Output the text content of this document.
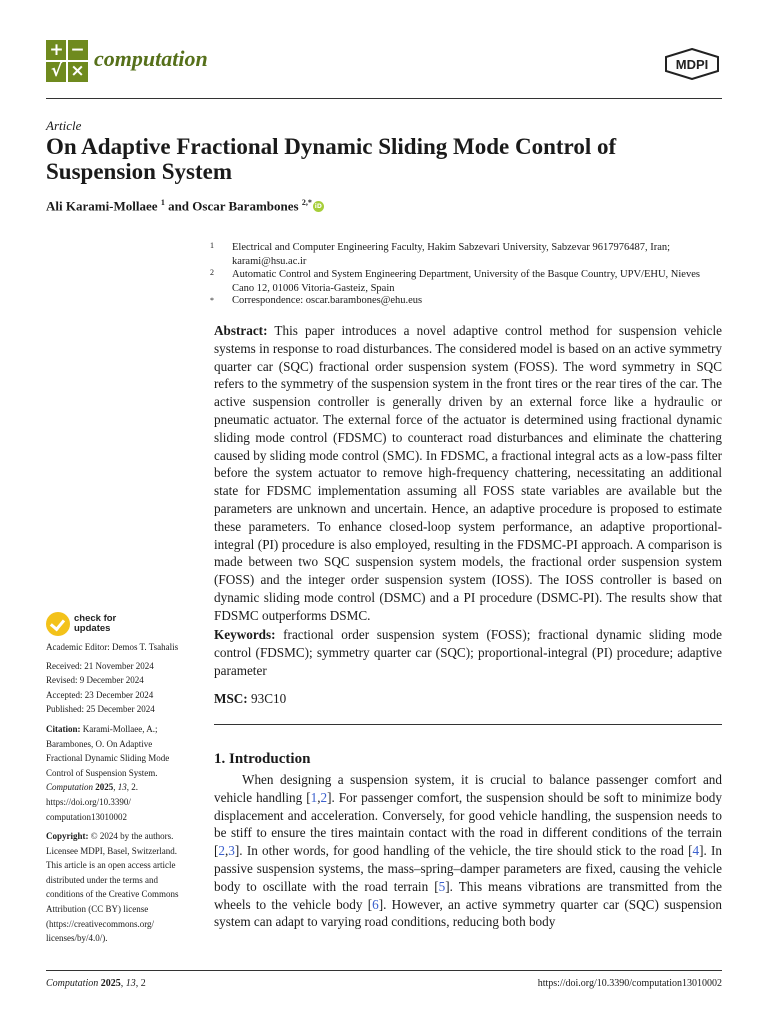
+ −
√ × computation	MDPI
Article
On Adaptive Fractional Dynamic Sliding Mode Control of Suspension System
Ali Karami-Mollaee $^1$ and Oscar Barambones $^{2,*}$iD
1 Electrical and Computer Engineering Faculty, Hakim Sabzevari University, Sabzevar 9617976487, Iran; karami@hsu.ac.ir
2 Automatic Control and System Engineering Department, University of the Basque Country, UPV/EHU, Nieves Cano 12, 01006 Vitoria-Gasteiz, Spain
* Correspondence: oscar.barambones@ehu.eus
Abstract: This paper introduces a novel adaptive control method for suspension vehicle systems in response to road disturbances. The considered model is based on an active symmetry quarter car (SQC) fractional order suspension system (FOSS). The word symmetry in SQC refers to the symmetry of the suspension system in the front tires or the rear tires of the car. The active suspension controller is generally driven by an external force like a hydraulic or pneumatic actuator. The external force of the actuator is determined using fractional dynamic sliding mode control (FDSMC) to counteract road disturbances and eliminate the chattering caused by sliding mode control (SMC). In FDSMC, a fractional integral acts as a low-pass filter before the system actuator to remove high-frequency chattering, necessitating an additional state for FDSMC implementation assuming all FOSS state variables are available but the parameters are unknown and uncertain. Hence, an adaptive procedure is proposed to estimate these parameters. To enhance closed-loop system performance, an adaptive proportional-integral (PI) procedure is also employed, resulting in the FDSMC-PI approach. A comparison is made between two SQC suspension system models, the fractional order suspension system (FOSS) and the integer order suspension system (IOSS). The IOSS controller is based on dynamic sliding mode control (DSMC) and a PI procedure (DSMC-PI). The results show that FDSMC outperforms DSMC.
Keywords: fractional order suspension system (FOSS); fractional dynamic sliding mode control (FDSMC); symmetry quarter car (SQC); proportional-integral (PI) procedure; adaptive parameter
MSC: 93C10
1. Introduction
When designing a suspension system, it is crucial to balance passenger comfort and vehicle handling [1,2]. For passenger comfort, the suspension should be soft to minimize body displacement and acceleration. Conversely, for good vehicle handling, the suspension needs to be stiff to ensure the tires maintain contact with the road in different conditions of the terrain [2,3]. In other words, for good handling of the vehicle, the tire should stick to the road [4]. In passive suspension systems, the mass–spring–damper parameters are fixed, causing the vehicle body to oscillate with the road terrain [5]. This means vibrations are transmitted from the wheels to the vehicle body [6]. However, an active symmetry quarter car (SQC) suspension system can adapt to varying road conditions, reducing both body
check for
updates
Academic Editor: Demos T. Tsahalis
Received: 21 November 2024
Revised: 9 December 2024
Accepted: 23 December 2024
Published: 25 December 2024
Citation: Karami-Mollaee, A.; Barambones, O. On Adaptive Fractional Dynamic Sliding Mode Control of Suspension System. Computation 2025, 13, 2. https://doi.org/10.3390/ computation13010002
Copyright: © 2024 by the authors. Licensee MDPI, Basel, Switzerland. This article is an open access article distributed under the terms and conditions of the Creative Commons Attribution (CC BY) license (https://creativecommons.org/ licenses/by/4.0/).
Computation 2025, 13, 2	https://doi.org/10.3390/computation13010002
